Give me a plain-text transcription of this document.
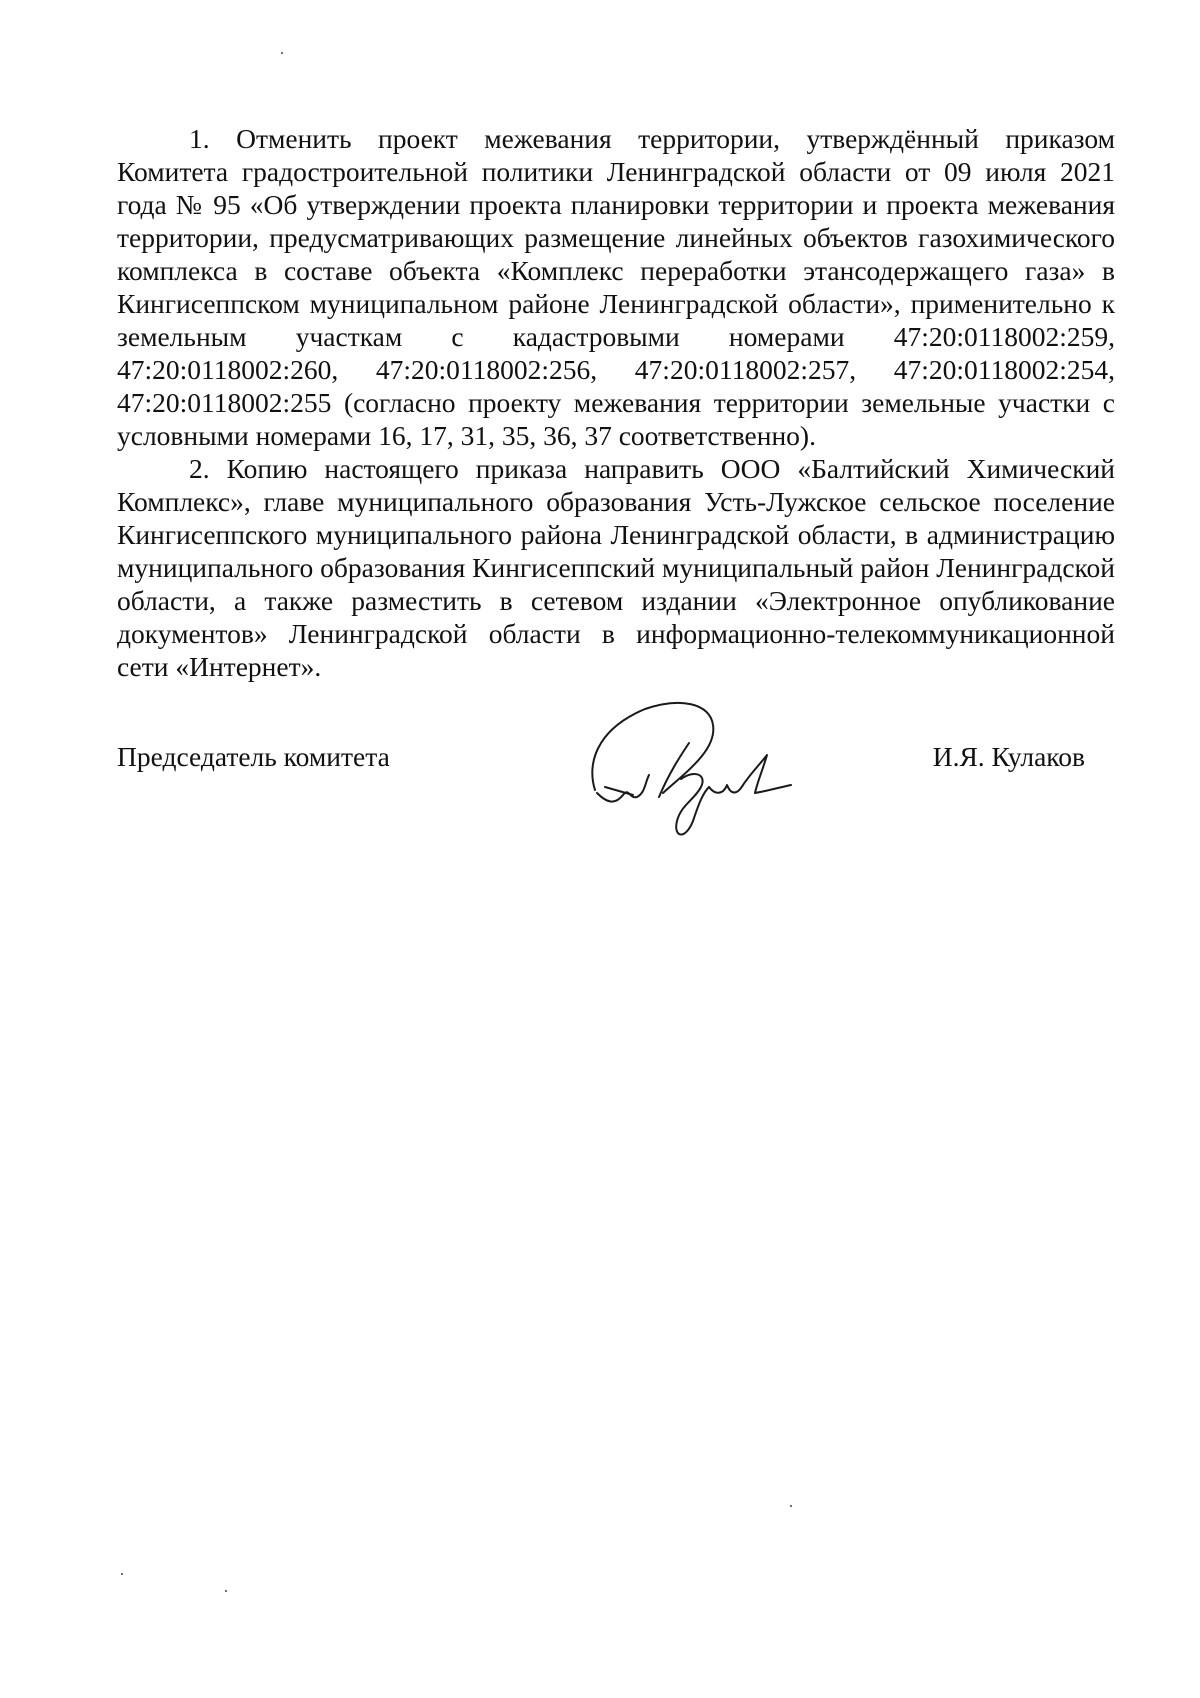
1. Отменить проект межевания территории, утверждённый приказом Комитета градостроительной политики Ленинградской области от 09 июля 2021 года № 95 «Об утверждении проекта планировки территории и проекта межевания территории, предусматривающих размещение линейных объектов газохимического комплекса в составе объекта «Комплекс переработки этансодержащего газа» в Кингисеппском муниципальном районе Ленинградской области», применительно к земельным участкам с кадастровыми номерами 47:20:0118002:259, 47:20:0118002:260, 47:20:0118002:256, 47:20:0118002:257, 47:20:0118002:254, 47:20:0118002:255 (согласно проекту межевания территории земельные участки с условными номерами 16, 17, 31, 35, 36, 37 соответственно).

2. Копию настоящего приказа направить ООО «Балтийский Химический Комплекс», главе муниципального образования Усть-Лужское сельское поселение Кингисеппского муниципального района Ленинградской области, в администрацию муниципального образования Кингисеппский муниципальный район Ленинградской области, а также разместить в сетевом издании «Электронное опубликование документов» Ленинградской области в информационно-телекоммуникационной сети «Интернет».

Председатель комитета	И.Я. Кулаков
